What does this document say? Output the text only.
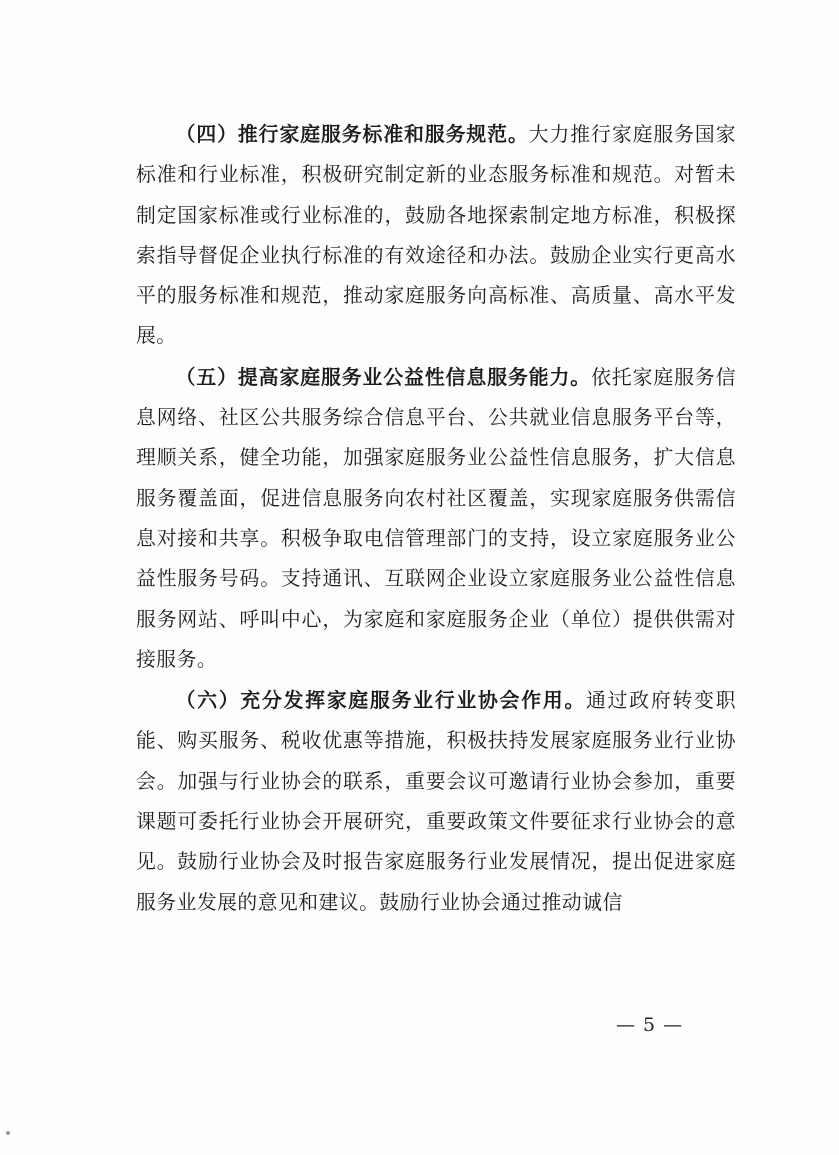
（四）推行家庭服务标准和服务规范。大力推行家庭服务国家标准和行业标准，积极研究制定新的业态服务标准和规范。对暂未制定国家标准或行业标准的，鼓励各地探索制定地方标准，积极探索指导督促企业执行标准的有效途径和办法。鼓励企业实行更高水平的服务标准和规范，推动家庭服务向高标准、高质量、高水平发展。

（五）提高家庭服务业公益性信息服务能力。依托家庭服务信息网络、社区公共服务综合信息平台、公共就业信息服务平台等，理顺关系，健全功能，加强家庭服务业公益性信息服务，扩大信息服务覆盖面，促进信息服务向农村社区覆盖，实现家庭服务供需信息对接和共享。积极争取电信管理部门的支持，设立家庭服务业公益性服务号码。支持通讯、互联网企业设立家庭服务业公益性信息服务网站、呼叫中心，为家庭和家庭服务企业（单位）提供供需对接服务。

（六）充分发挥家庭服务业行业协会作用。通过政府转变职能、购买服务、税收优惠等措施，积极扶持发展家庭服务业行业协会。加强与行业协会的联系，重要会议可邀请行业协会参加，重要课题可委托行业协会开展研究，重要政策文件要征求行业协会的意见。鼓励行业协会及时报告家庭服务行业发展情况，提出促进家庭服务业发展的意见和建议。鼓励行业协会通过推动诚信

— 5 —
